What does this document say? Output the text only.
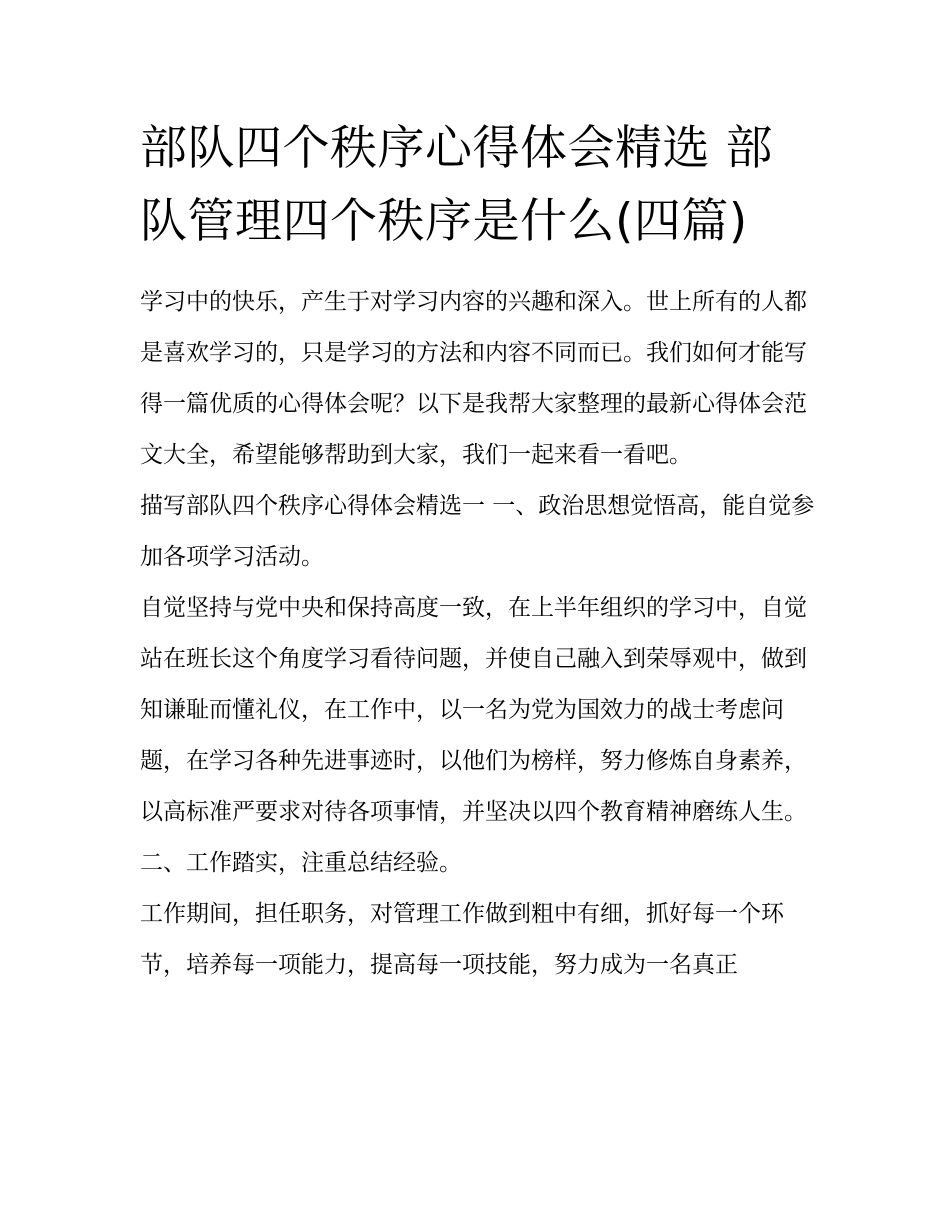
部队四个秩序心得体会精选 部队管理四个秩序是什么(四篇)

学习中的快乐，产生于对学习内容的兴趣和深入。世上所有的人都是喜欢学习的，只是学习的方法和内容不同而已。我们如何才能写得一篇优质的心得体会呢？以下是我帮大家整理的最新心得体会范文大全，希望能够帮助到大家，我们一起来看一看吧。

描写部队四个秩序心得体会精选一 一、政治思想觉悟高，能自觉参加各项学习活动。

自觉坚持与党中央和保持高度一致，在上半年组织的学习中，自觉站在班长这个角度学习看待问题，并使自己融入到荣辱观中，做到知谦耻而懂礼仪，在工作中，以一名为党为国效力的战士考虑问题，在学习各种先进事迹时，以他们为榜样，努力修炼自身素养，以高标准严要求对待各项事情，并坚决以四个教育精神磨练人生。

二、工作踏实，注重总结经验。

工作期间，担任职务，对管理工作做到粗中有细，抓好每一个环节，培养每一项能力，提高每一项技能，努力成为一名真正
